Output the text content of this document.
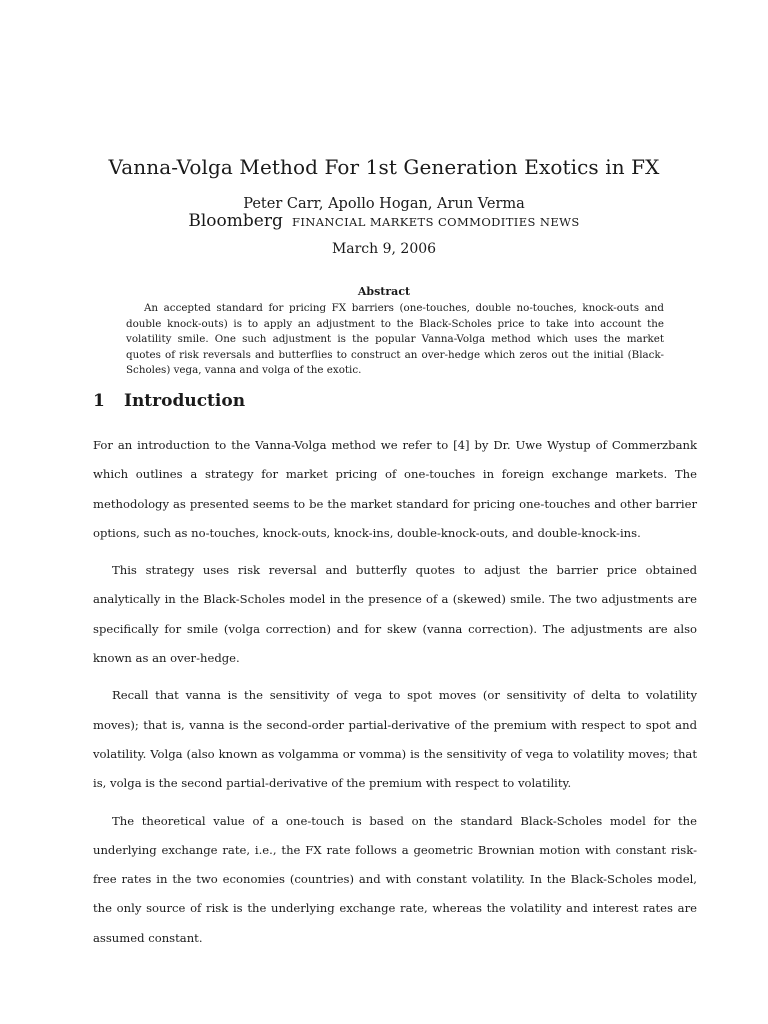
Vanna-Volga Method For 1st Generation Exotics in FX
Peter Carr, Apollo Hogan, Arun Verma
Bloomberg FINANCIAL MARKETS COMMODITIES NEWS
March 9, 2006
Abstract
An accepted standard for pricing FX barriers (one-touches, double no-touches, knock-outs and double knock-outs) is to apply an adjustment to the Black-Scholes price to take into account the volatility smile. One such adjustment is the popular Vanna-Volga method which uses the market quotes of risk reversals and butterflies to construct an over-hedge which zeros out the initial (Black-Scholes) vega, vanna and volga of the exotic.
1 Introduction

For an introduction to the Vanna-Volga method we refer to [4] by Dr. Uwe Wystup of Commerzbank which outlines a strategy for market pricing of one-touches in foreign exchange markets. The methodology as presented seems to be the market standard for pricing one-touches and other barrier options, such as no-touches, knock-outs, knock-ins, double-knock-outs, and double-knock-ins.

This strategy uses risk reversal and butterfly quotes to adjust the barrier price obtained analytically in the Black-Scholes model in the presence of a (skewed) smile. The two adjustments are specifically for smile (volga correction) and for skew (vanna correction). The adjustments are also known as an over-hedge.

Recall that vanna is the sensitivity of vega to spot moves (or sensitivity of delta to volatility moves); that is, vanna is the second-order partial-derivative of the premium with respect to spot and volatility. Volga (also known as volgamma or vomma) is the sensitivity of vega to volatility moves; that is, volga is the second partial-derivative of the premium with respect to volatility.

The theoretical value of a one-touch is based on the standard Black-Scholes model for the underlying exchange rate, i.e., the FX rate follows a geometric Brownian motion with constant risk-free rates in the two economies (countries) and with constant volatility. In the Black-Scholes model, the only source of risk is the underlying exchange rate, whereas the volatility and interest rates are assumed constant.
